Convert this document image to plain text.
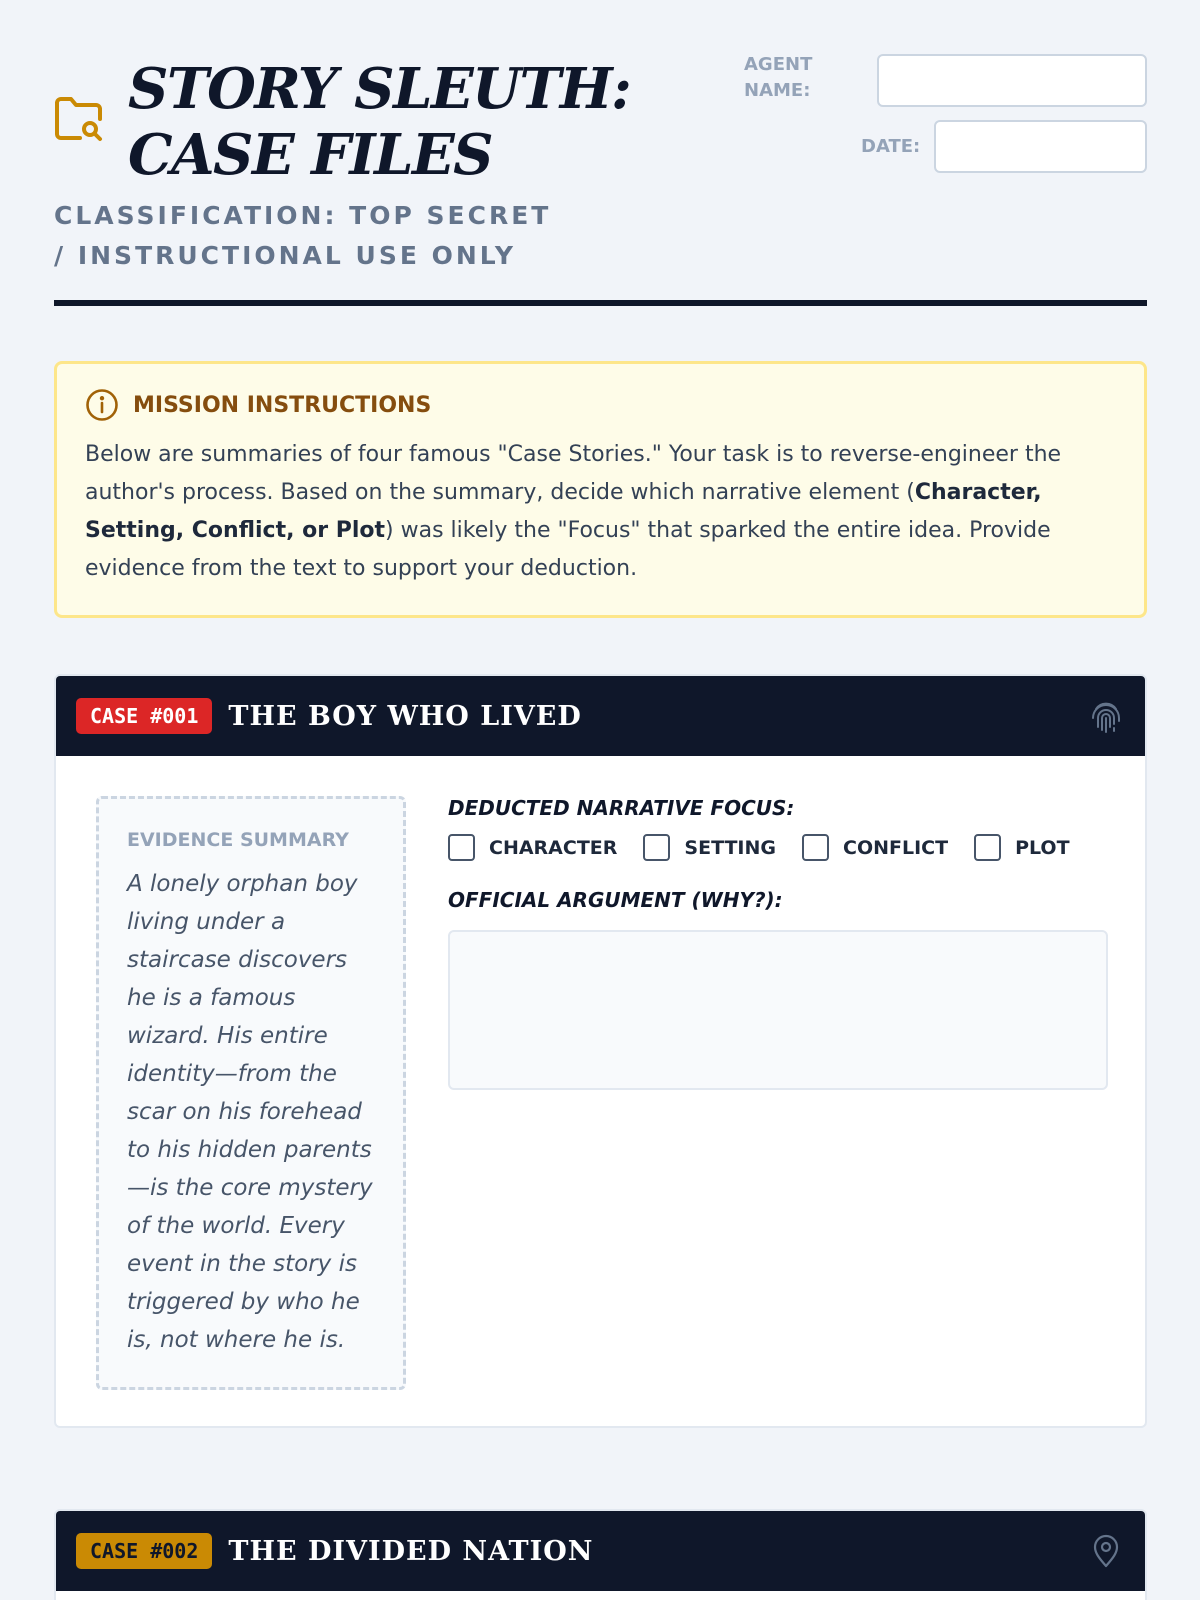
STORY SLEUTH: CASE FILES
CLASSIFICATION: TOP SECRET / INSTRUCTIONAL USE ONLY
AGENT NAME:
DATE:
MISSION INSTRUCTIONS
Below are summaries of four famous "Case Stories." Your task is to reverse-engineer the author's process. Based on the summary, decide which narrative element (Character, Setting, Conflict, or Plot) was likely the "Focus" that sparked the entire idea. Provide evidence from the text to support your deduction.
CASE #001	THE BOY WHO LIVED
EVIDENCE SUMMARY
A lonely orphan boy living under a staircase discovers he is a famous wizard. His entire identity—from the scar on his forehead to his hidden parents—is the core mystery of the world. Every event in the story is triggered by who he is, not where he is.
DEDUCTED NARRATIVE FOCUS:
CHARACTER	SETTING	CONFLICT	PLOT
OFFICIAL ARGUMENT (WHY?):
CASE #002	THE DIVIDED NATION
